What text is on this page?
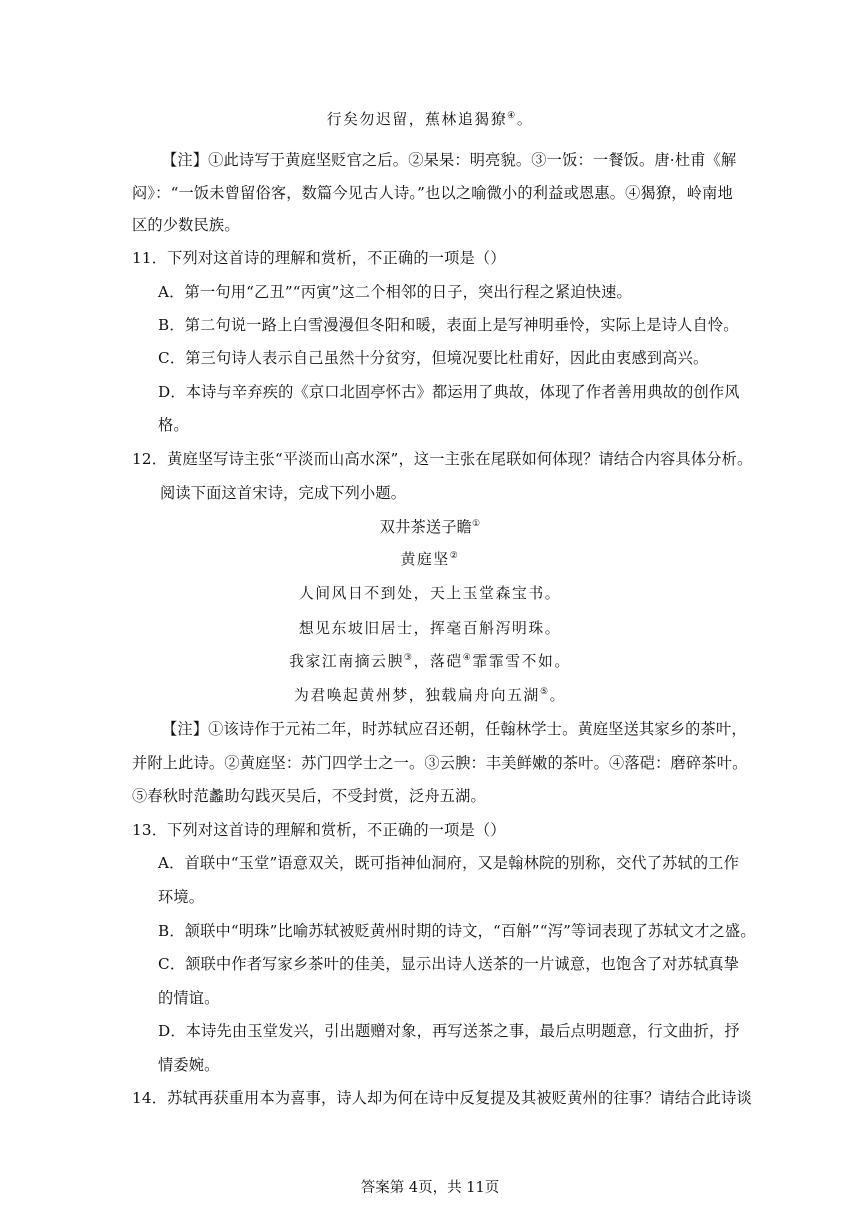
行矣勿迟留，蕉林追猲獠④。
【注】①此诗写于黄庭坚贬官之后。②杲杲：明亮貌。③一饭：一餐饭。唐·杜甫《解
闷》：“一饭未曾留俗客，数篇今见古人诗。”也以之喻微小的利益或恩惠。④猲獠，岭南地
区的少数民族。
11．下列对这首诗的理解和赏析，不正确的一项是（）
A．第一句用“乙丑”“丙寅”这二个相邻的日子，突出行程之紧迫快速。
B．第二句说一路上白雪漫漫但冬阳和暖，表面上是写神明垂怜，实际上是诗人自怜。
C．第三句诗人表示自己虽然十分贫穷，但境况要比杜甫好，因此由衷感到高兴。
D．本诗与辛弃疾的《京口北固亭怀古》都运用了典故，体现了作者善用典故的创作风
格。
12．黄庭坚写诗主张“平淡而山高水深”，这一主张在尾联如何体现？请结合内容具体分析。
阅读下面这首宋诗，完成下列小题。
双井茶送子瞻①
黄庭坚②
人间风日不到处，天上玉堂森宝书。
想见东坡旧居士，挥毫百斛泻明珠。
我家江南摘云腴③，落硙④霏霏雪不如。
为君唤起黄州梦，独载扁舟向五湖⑤。
【注】①该诗作于元祐二年，时苏轼应召还朝，任翰林学士。黄庭坚送其家乡的茶叶，
并附上此诗。②黄庭坚：苏门四学士之一。③云腴：丰美鲜嫩的茶叶。④落硙：磨碎茶叶。
⑤春秋时范蠡助勾践灭吴后，不受封赏，泛舟五湖。
13．下列对这首诗的理解和赏析，不正确的一项是（）
A．首联中“玉堂”语意双关，既可指神仙洞府，又是翰林院的别称，交代了苏轼的工作
环境。
B．颔联中“明珠”比喻苏轼被贬黄州时期的诗文，“百斛”“泻”等词表现了苏轼文才之盛。
C．颔联中作者写家乡茶叶的佳美，显示出诗人送茶的一片诚意，也饱含了对苏轼真挚
的情谊。
D．本诗先由玉堂发兴，引出题赠对象，再写送茶之事，最后点明题意，行文曲折，抒
情委婉。
14．苏轼再获重用本为喜事，诗人却为何在诗中反复提及其被贬黄州的往事？请结合此诗谈
答案第 4页，共 11页
